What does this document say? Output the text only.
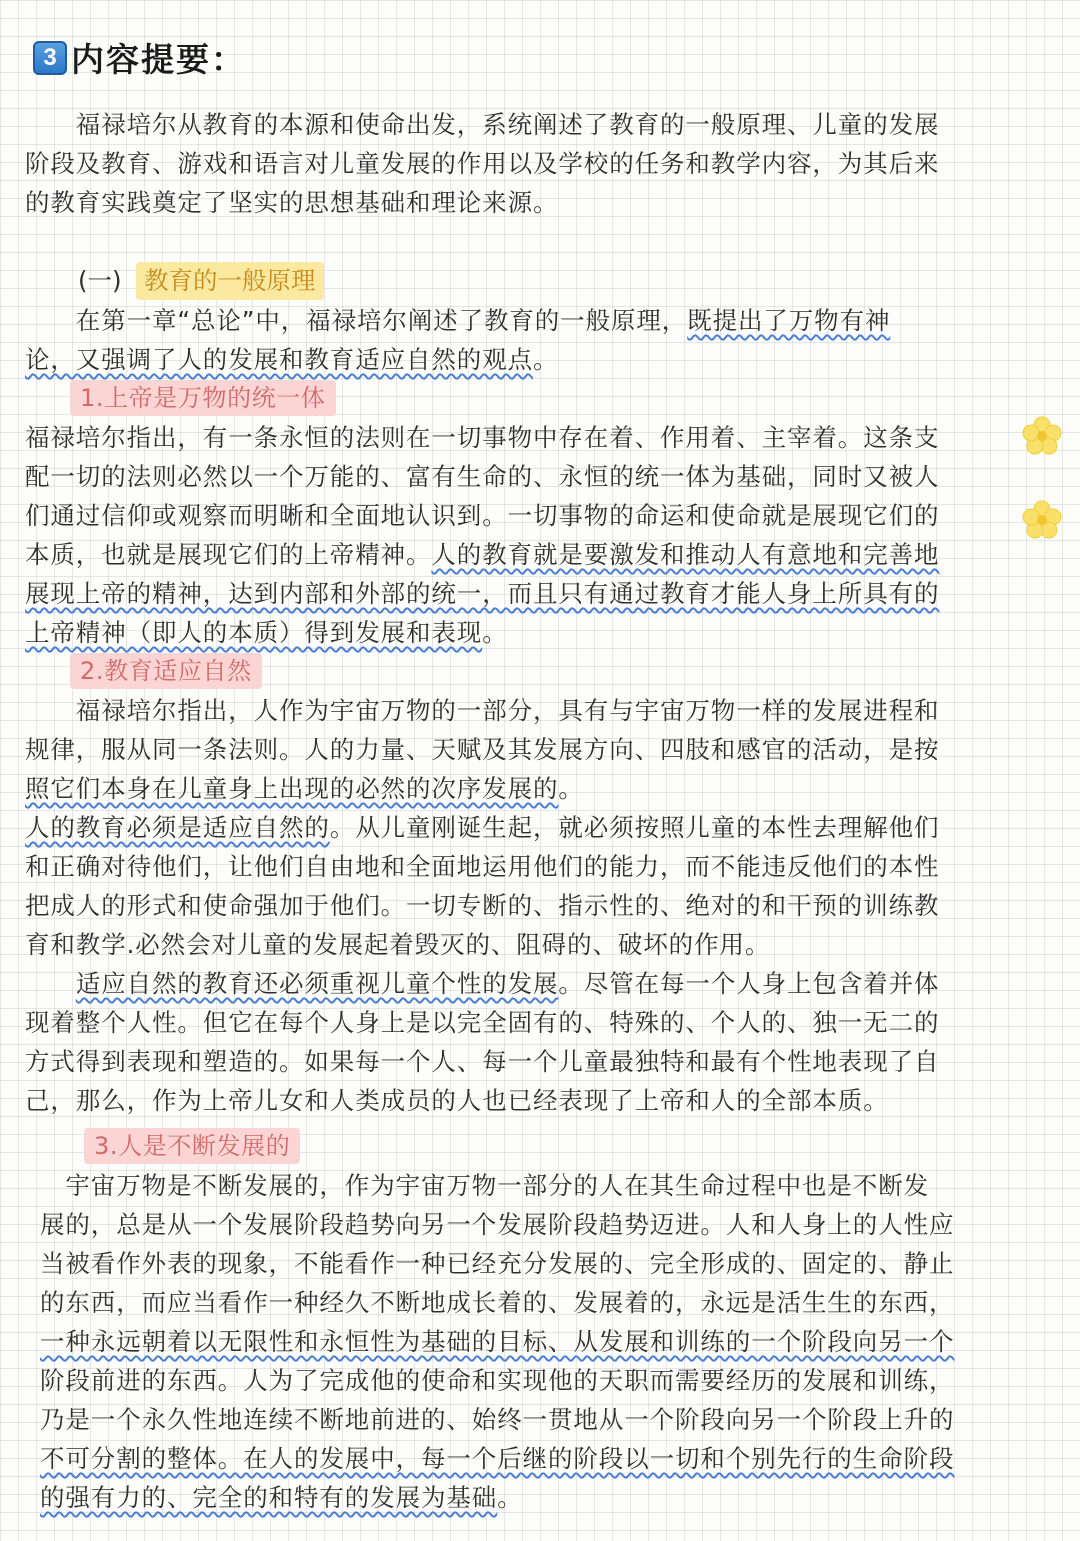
3 内容提要：
　　福禄培尔从教育的本源和使命出发，系统阐述了教育的一般原理、儿童的发展
阶段及教育、游戏和语言对儿童发展的作用以及学校的任务和教学内容，为其后来
的教育实践奠定了坚实的思想基础和理论来源。
(一) 教育的一般原理
　　在第一章“总论”中，福禄培尔阐述了教育的一般原理，既提出了万物有神
论，又强调了人的发展和教育适应自然的观点。
1.上帝是万物的统一体
福禄培尔指出，有一条永恒的法则在一切事物中存在着、作用着、主宰着。这条支
配一切的法则必然以一个万能的、富有生命的、永恒的统一体为基础，同时又被人
们通过信仰或观察而明晰和全面地认识到。一切事物的命运和使命就是展现它们的
本质，也就是展现它们的上帝精神。人的教育就是要激发和推动人有意地和完善地
展现上帝的精神，达到内部和外部的统一，而且只有通过教育才能人身上所具有的
上帝精神（即人的本质）得到发展和表现。
2.教育适应自然
　　福禄培尔指出，人作为宇宙万物的一部分，具有与宇宙万物一样的发展进程和
规律，服从同一条法则。人的力量、天赋及其发展方向、四肢和感官的活动，是按
照它们本身在儿童身上出现的必然的次序发展的。
人的教育必须是适应自然的。从儿童刚诞生起，就必须按照儿童的本性去理解他们
和正确对待他们，让他们自由地和全面地运用他们的能力，而不能违反他们的本性
把成人的形式和使命强加于他们。一切专断的、指示性的、绝对的和干预的训练教
育和教学.必然会对儿童的发展起着毁灭的、阻碍的、破坏的作用。
　　适应自然的教育还必须重视儿童个性的发展。尽管在每一个人身上包含着并体
现着整个人性。但它在每个人身上是以完全固有的、特殊的、个人的、独一无二的
方式得到表现和塑造的。如果每一个人、每一个儿童最独特和最有个性地表现了自
己，那么，作为上帝儿女和人类成员的人也已经表现了上帝和人的全部本质。
3.人是不断发展的
　宇宙万物是不断发展的，作为宇宙万物一部分的人在其生命过程中也是不断发
展的，总是从一个发展阶段趋势向另一个发展阶段趋势迈进。人和人身上的人性应
当被看作外表的现象，不能看作一种已经充分发展的、完全形成的、固定的、静止
的东西，而应当看作一种经久不断地成长着的、发展着的，永远是活生生的东西，
一种永远朝着以无限性和永恒性为基础的目标、从发展和训练的一个阶段向另一个
阶段前进的东西。人为了完成他的使命和实现他的天职而需要经历的发展和训练，
乃是一个永久性地连续不断地前进的、始终一贯地从一个阶段向另一个阶段上升的
不可分割的整体。在人的发展中，每一个后继的阶段以一切和个别先行的生命阶段
的强有力的、完全的和特有的发展为基础。
